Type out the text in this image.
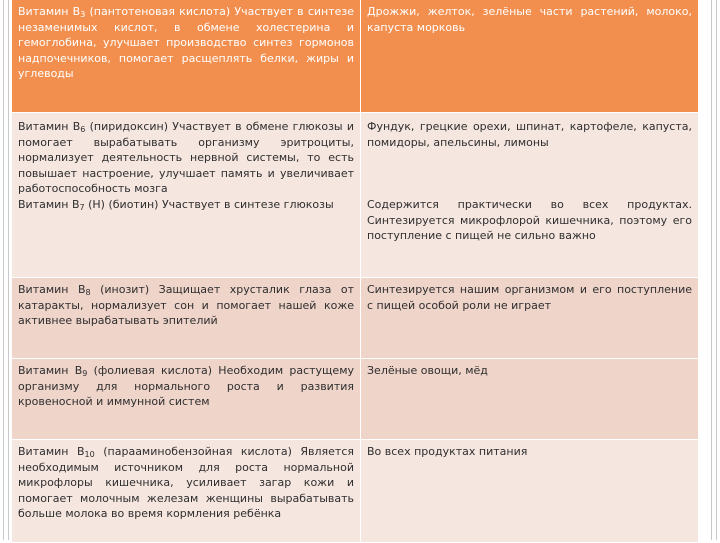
Витамин $В_3$ (пантотеновая кислота) Участвует в синтезе незаменимых кислот, в обмене холестерина и гемоглобина, улучшает производство синтез гормонов надпочечников, помогает расщеплять белки, жиры и углеводы
Дрожжи, желток, зелёные части растений, молоко, капуста морковь
Витамин $В_6$ (пиридоксин) Участвует в обмене глюкозы и помогает вырабатывать организму эритроциты, нормализует деятельность нервной системы, то есть повышает настроение, улучшает память и увеличивает работоспособность мозга
Витамин $В_7$ (Н) (биотин) Участвует в синтезе глюкозы
Фундук, грецкие орехи, шпинат, картофеле, капуста, помидоры, апельсины, лимоны
Содержится практически во всех продуктах. Синтезируется микрофлорой кишечника, поэтому его поступление с пищей не сильно важно
Витамин $В_8$ (инозит) Защищает хрусталик глаза от катаракты, нормализует сон и помогает нашей коже активнее вырабатывать эпителий
Синтезируется нашим организмом и его поступление с пищей особой роли не играет
Витамин $В_9$ (фолиевая кислота) Необходим растущему организму для нормального роста и развития кровеносной и иммунной систем
Зелёные овощи, мёд
Витамин $В_{10}$ (парааминобензойная кислота) Является необходимым источником для роста нормальной микрофлоры кишечника, усиливает загар кожи и помогает молочным железам женщины вырабатывать больше молока во время кормления ребёнка
Во всех продуктах питания
